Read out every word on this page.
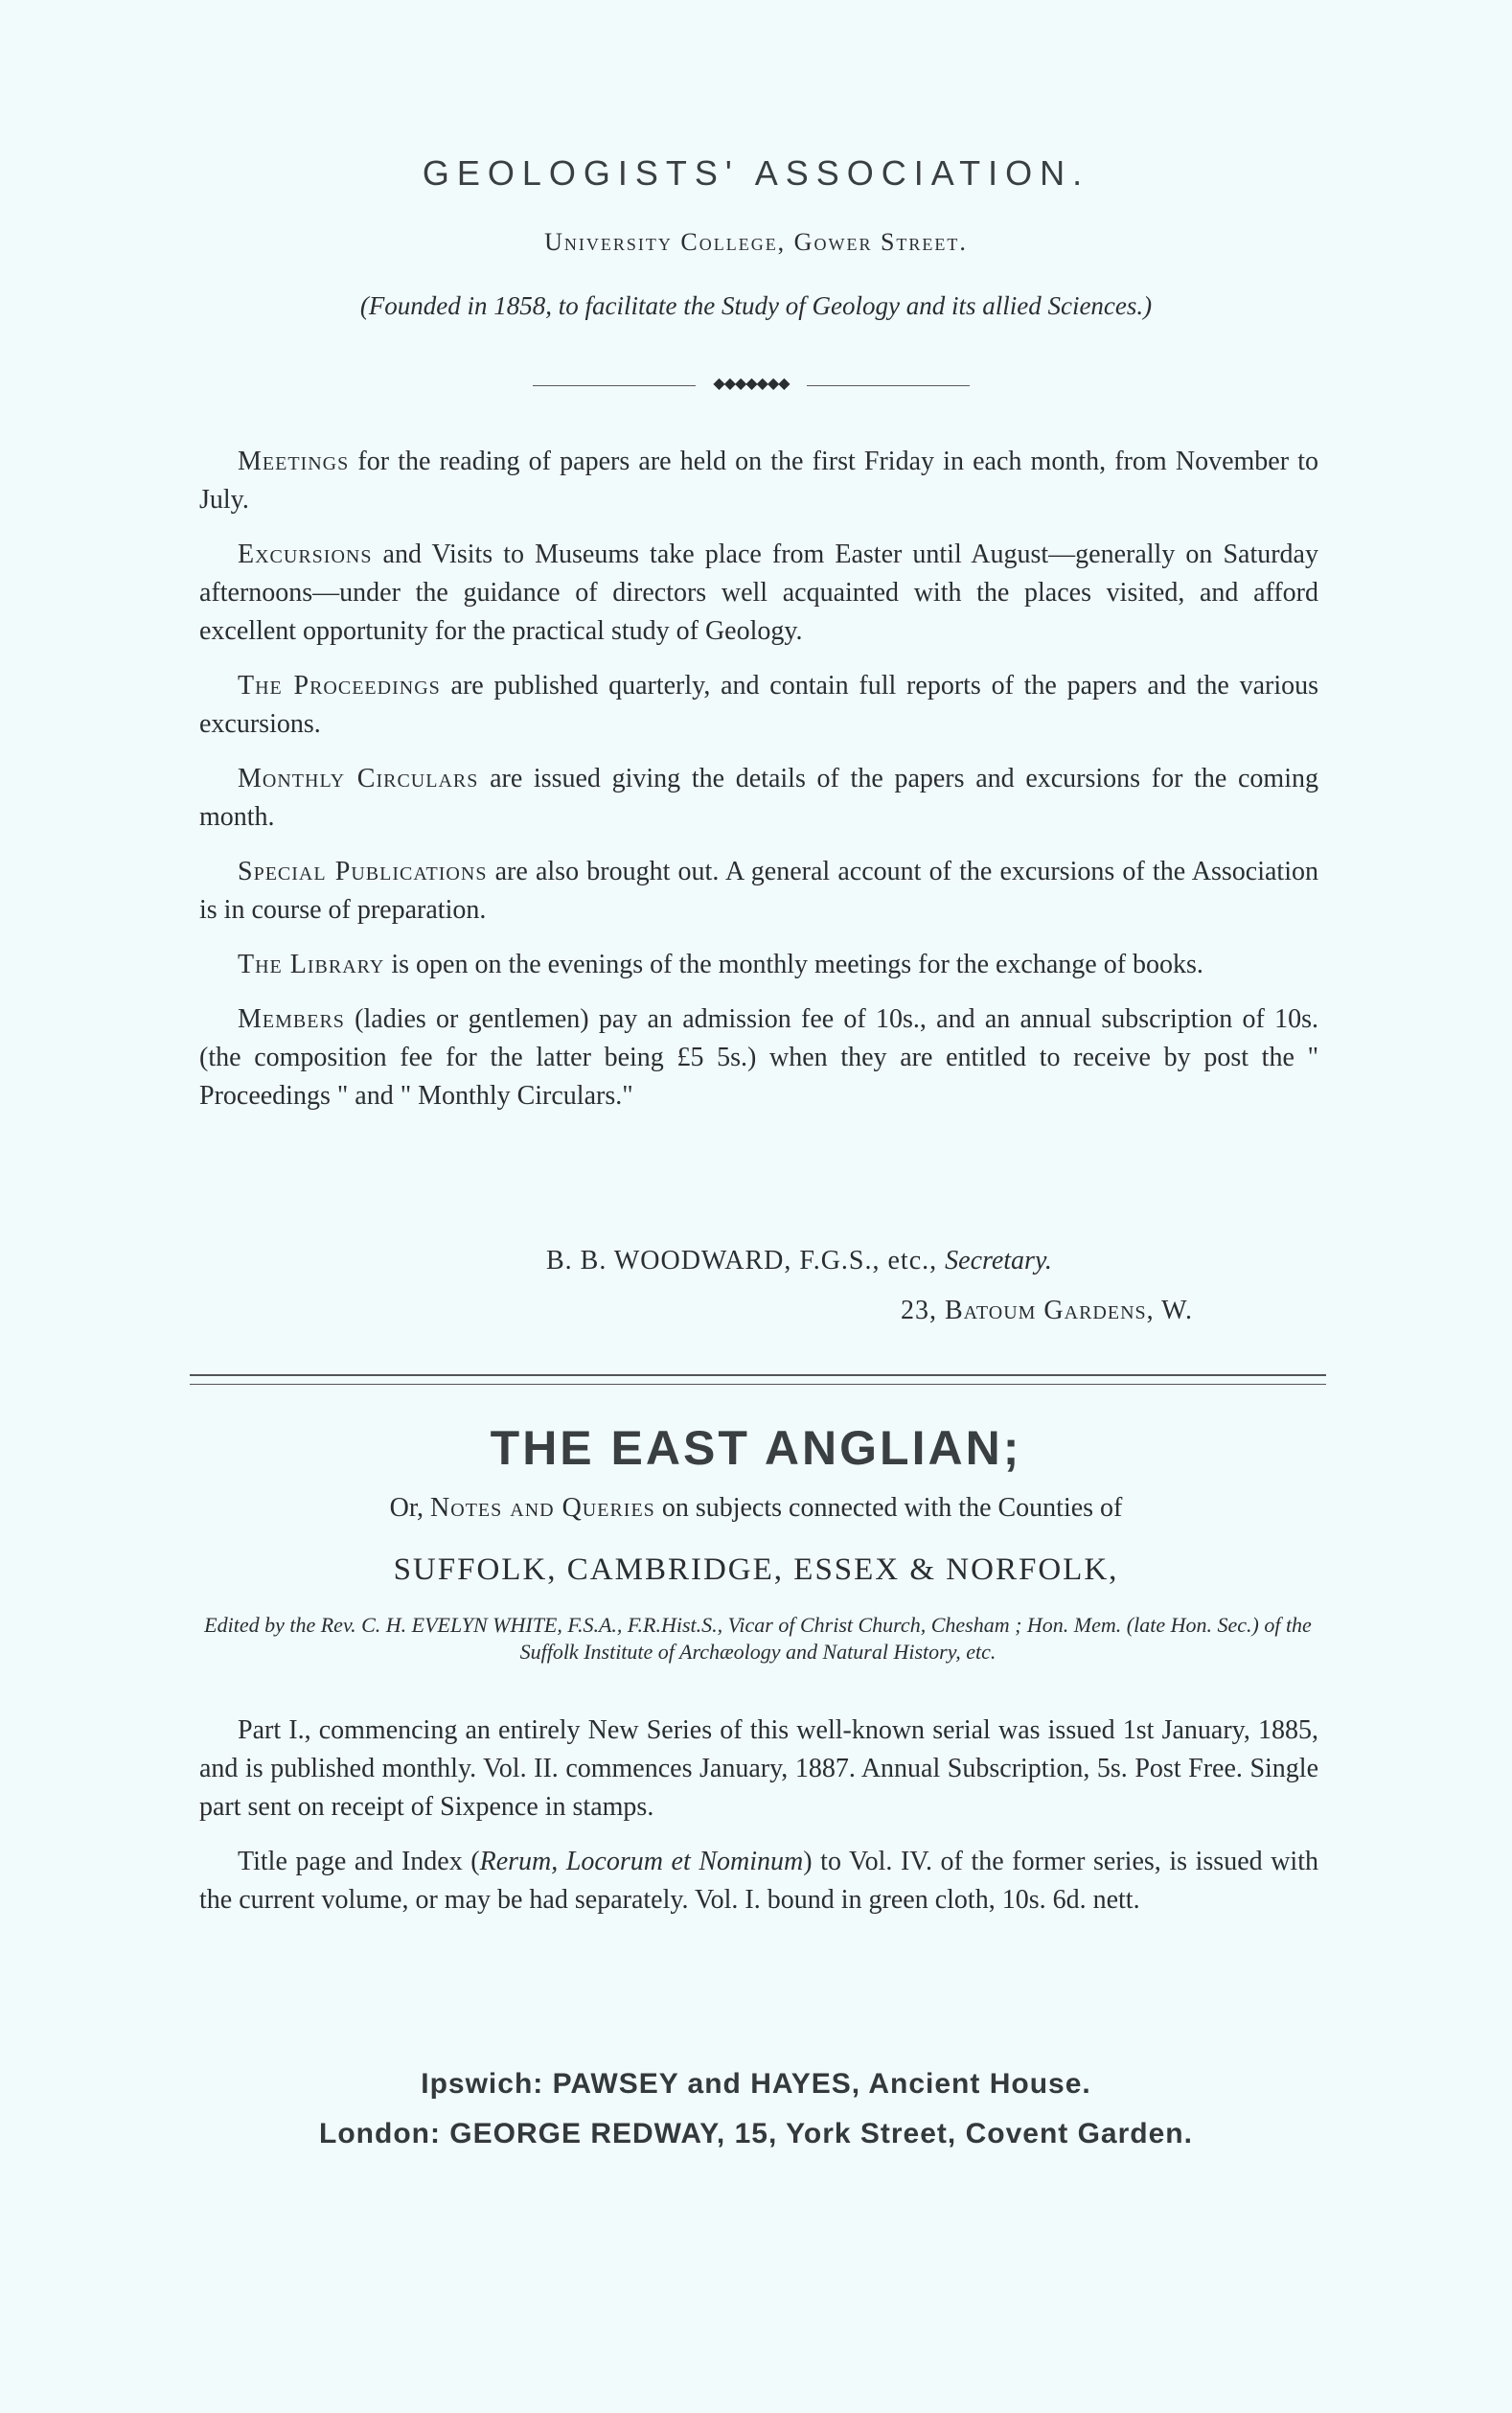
GEOLOGISTS' ASSOCIATION.
University College, Gower Street.
(Founded in 1858, to facilitate the Study of Geology and its allied Sciences.)
◆◆◆◆◆◆◆

Meetings for the reading of papers are held on the first Friday in each month, from November to July.

Excursions and Visits to Museums take place from Easter until August—generally on Saturday afternoons—under the guidance of directors well acquainted with the places visited, and afford excellent opportunity for the practical study of Geology.

The Proceedings are published quarterly, and contain full reports of the papers and the various excursions.

Monthly Circulars are issued giving the details of the papers and excursions for the coming month.

Special Publications are also brought out. A general account of the excursions of the Association is in course of preparation.

The Library is open on the evenings of the monthly meetings for the exchange of books.

Members (ladies or gentlemen) pay an admission fee of 10s., and an annual subscription of 10s. (the composition fee for the latter being £5 5s.) when they are entitled to receive by post the " Proceedings " and " Monthly Circulars."

B. B. WOODWARD, F.G.S., etc., Secretary.
23, Batoum Gardens, W.
THE EAST ANGLIAN;
Or, Notes and Queries on subjects connected with the Counties of
SUFFOLK, CAMBRIDGE, ESSEX & NORFOLK,
Edited by the Rev. C. H. EVELYN WHITE, F.S.A., F.R.Hist.S., Vicar of Christ Church, Chesham ; Hon. Mem. (late Hon. Sec.) of the Suffolk Institute of Archæology and Natural History, etc.

Part I., commencing an entirely New Series of this well-known serial was issued 1st January, 1885, and is published monthly. Vol. II. commences January, 1887. Annual Subscription, 5s. Post Free. Single part sent on receipt of Sixpence in stamps.

Title page and Index (Rerum, Locorum et Nominum) to Vol. IV. of the former series, is issued with the current volume, or may be had separately. Vol. I. bound in green cloth, 10s. 6d. nett.

Ipswich: PAWSEY and HAYES, Ancient House.
London: GEORGE REDWAY, 15, York Street, Covent Garden.
